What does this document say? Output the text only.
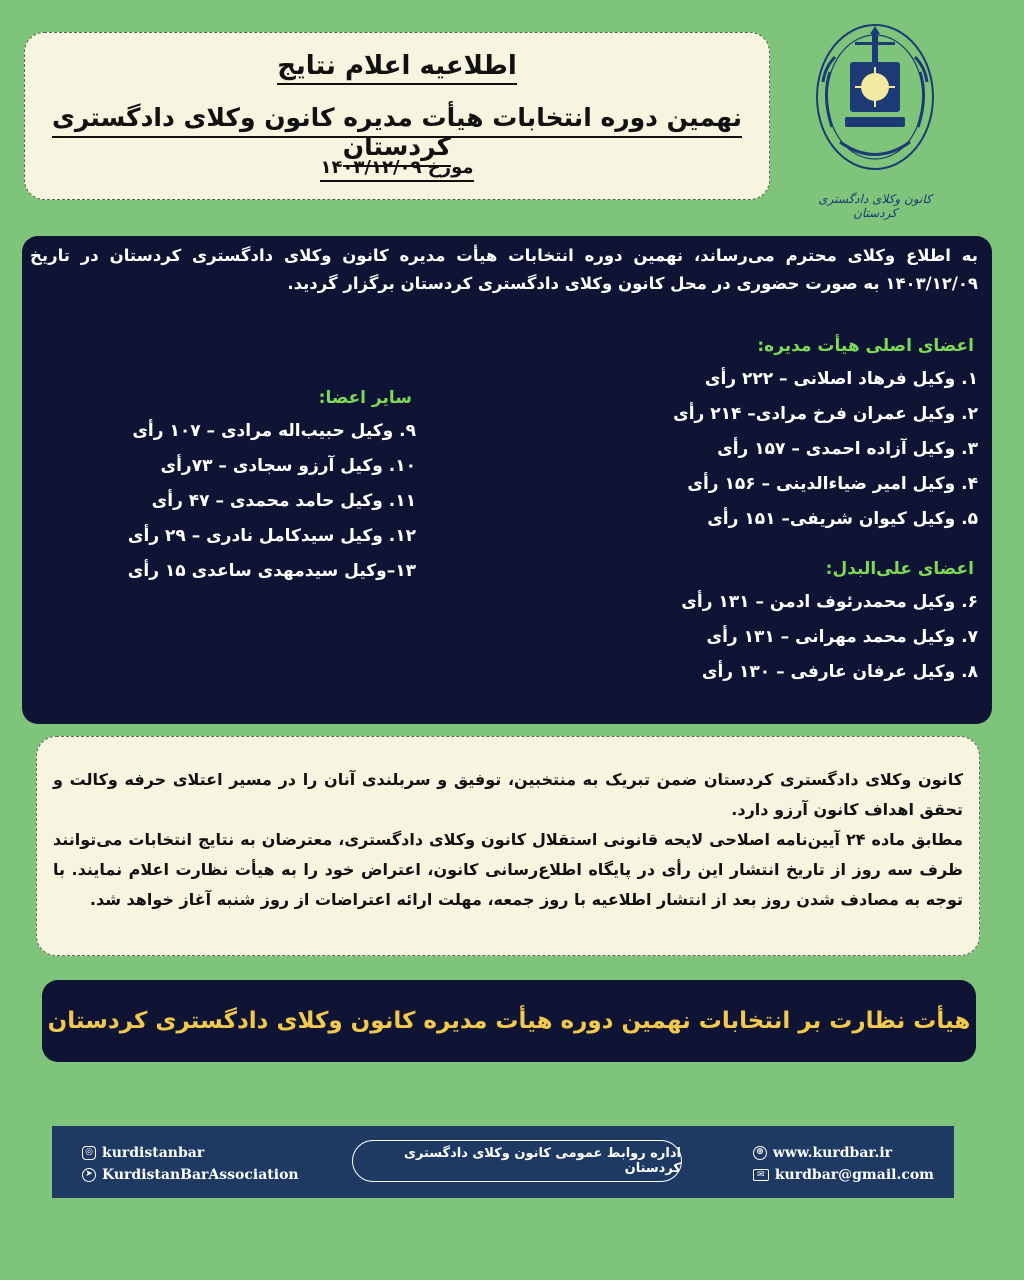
اطلاعیه اعلام نتایج
نهمین دوره انتخابات هیأت مدیره کانون وکلای دادگستری کردستان
مورخ ۱۴۰۳/۱۲/۰۹
کانون وکلای دادگستری کردستان
به اطلاع وکلای محترم می‌رساند، نهمین دوره انتخابات هیأت مدیره کانون وکلای دادگستری کردستان در تاریخ ۱۴۰۳/۱۲/۰۹ به صورت حضوری در محل کانون وکلای دادگستری کردستان برگزار گردید.
اعضای اصلی هیأت مدیره:
۱. وکیل فرهاد اصلانی – ۲۲۲ رأی
۲. وکیل عمران فرخ مرادی– ۲۱۴ رأی
۳. وکیل آزاده احمدی – ۱۵۷ رأی
۴. وکیل امیر ضیاءالدینی – ۱۵۶ رأی
۵. وکیل کیوان شریفی– ۱۵۱ رأی
اعضای علی‌البدل:
۶. وکیل محمدرئوف ادمن – ۱۳۱ رأی
۷. وکیل محمد مهرانی – ۱۳۱ رأی
۸. وکیل عرفان عارفی – ۱۳۰ رأی
سایر اعضا:
۹. وکیل حبیب‌اله مرادی – ۱۰۷ رأی
۱۰. وکیل آرزو سجادی – ۷۳رأی
۱۱. وکیل حامد محمدی – ۴۷ رأی
۱۲. وکیل سیدکامل نادری – ۲۹ رأی
۱۳–وکیل سیدمهدی ساعدی ۱۵ رأی
کانون وکلای دادگستری کردستان ضمن تبریک به منتخبین، توفیق و سربلندی آنان را در مسیر اعتلای حرفه وکالت و تحقق اهداف کانون آرزو دارد.
مطابق ماده ۲۴ آیین‌نامه اصلاحی لایحه قانونی استقلال کانون وکلای دادگستری، معترضان به نتایج انتخابات می‌توانند ظرف سه روز از تاریخ انتشار این رأی در پایگاه اطلاع‌رسانی کانون، اعتراض خود را به هیأت نظارت اعلام نمایند. با توجه به مصادف شدن روز بعد از انتشار اطلاعیه با روز جمعه، مهلت ارائه اعتراضات از روز شنبه آغاز خواهد شد.
هیأت نظارت بر انتخابات نهمین دوره هیأت مدیره کانون وکلای دادگستری کردستان
◎ kurdistanbar
➤ KurdistanBarAssociation
اداره روابط عمومی کانون وکلای دادگستری کردستان
⊕ www.kurdbar.ir
✉ kurdbar@gmail.com
